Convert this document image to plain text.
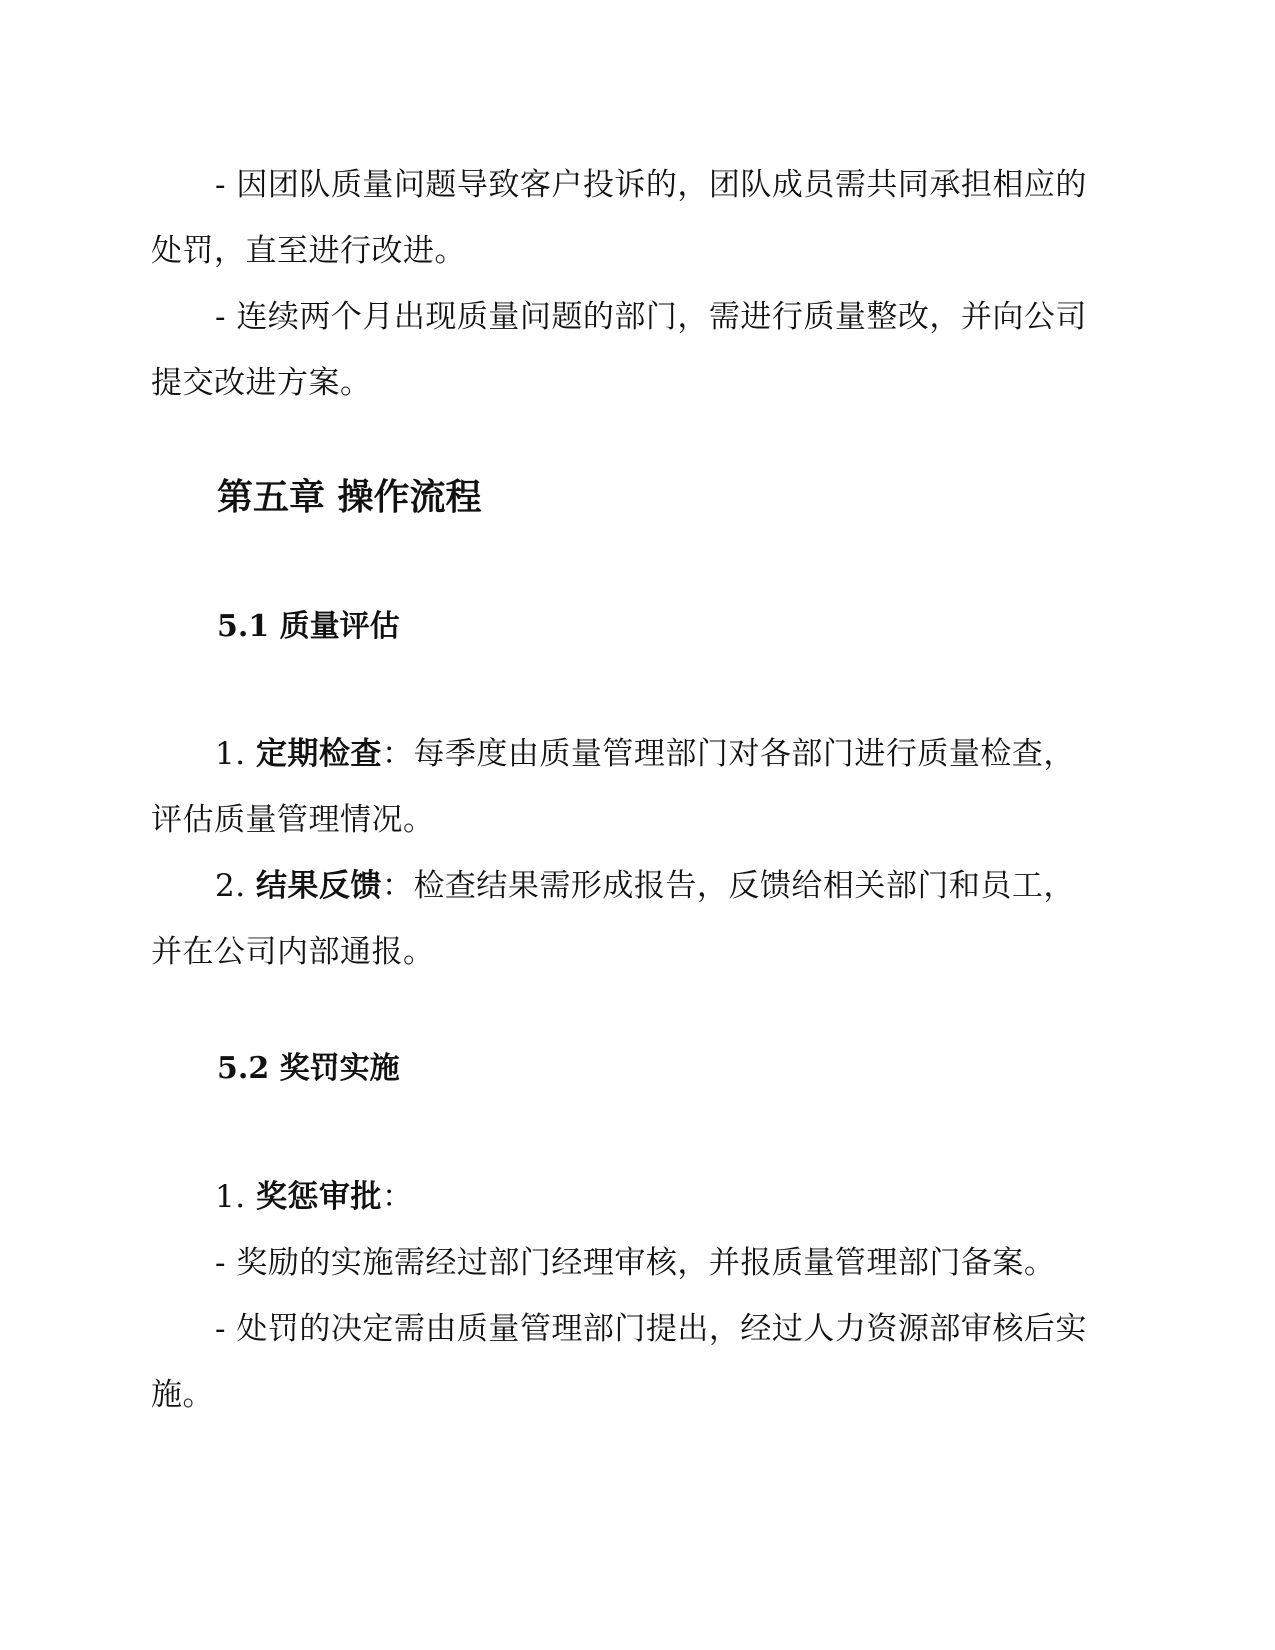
- 因团队质量问题导致客户投诉的，团队成员需共同承担相应的处罚，直至进行改进。

- 连续两个月出现质量问题的部门，需进行质量整改，并向公司提交改进方案。

第五章 操作流程
5.1 质量评估

1. 定期检查：每季度由质量管理部门对各部门进行质量检查，评估质量管理情况。

2. 结果反馈：检查结果需形成报告，反馈给相关部门和员工，并在公司内部通报。

5.2 奖罚实施

1. 奖惩审批：

- 奖励的实施需经过部门经理审核，并报质量管理部门备案。

- 处罚的决定需由质量管理部门提出，经过人力资源部审核后实施。
